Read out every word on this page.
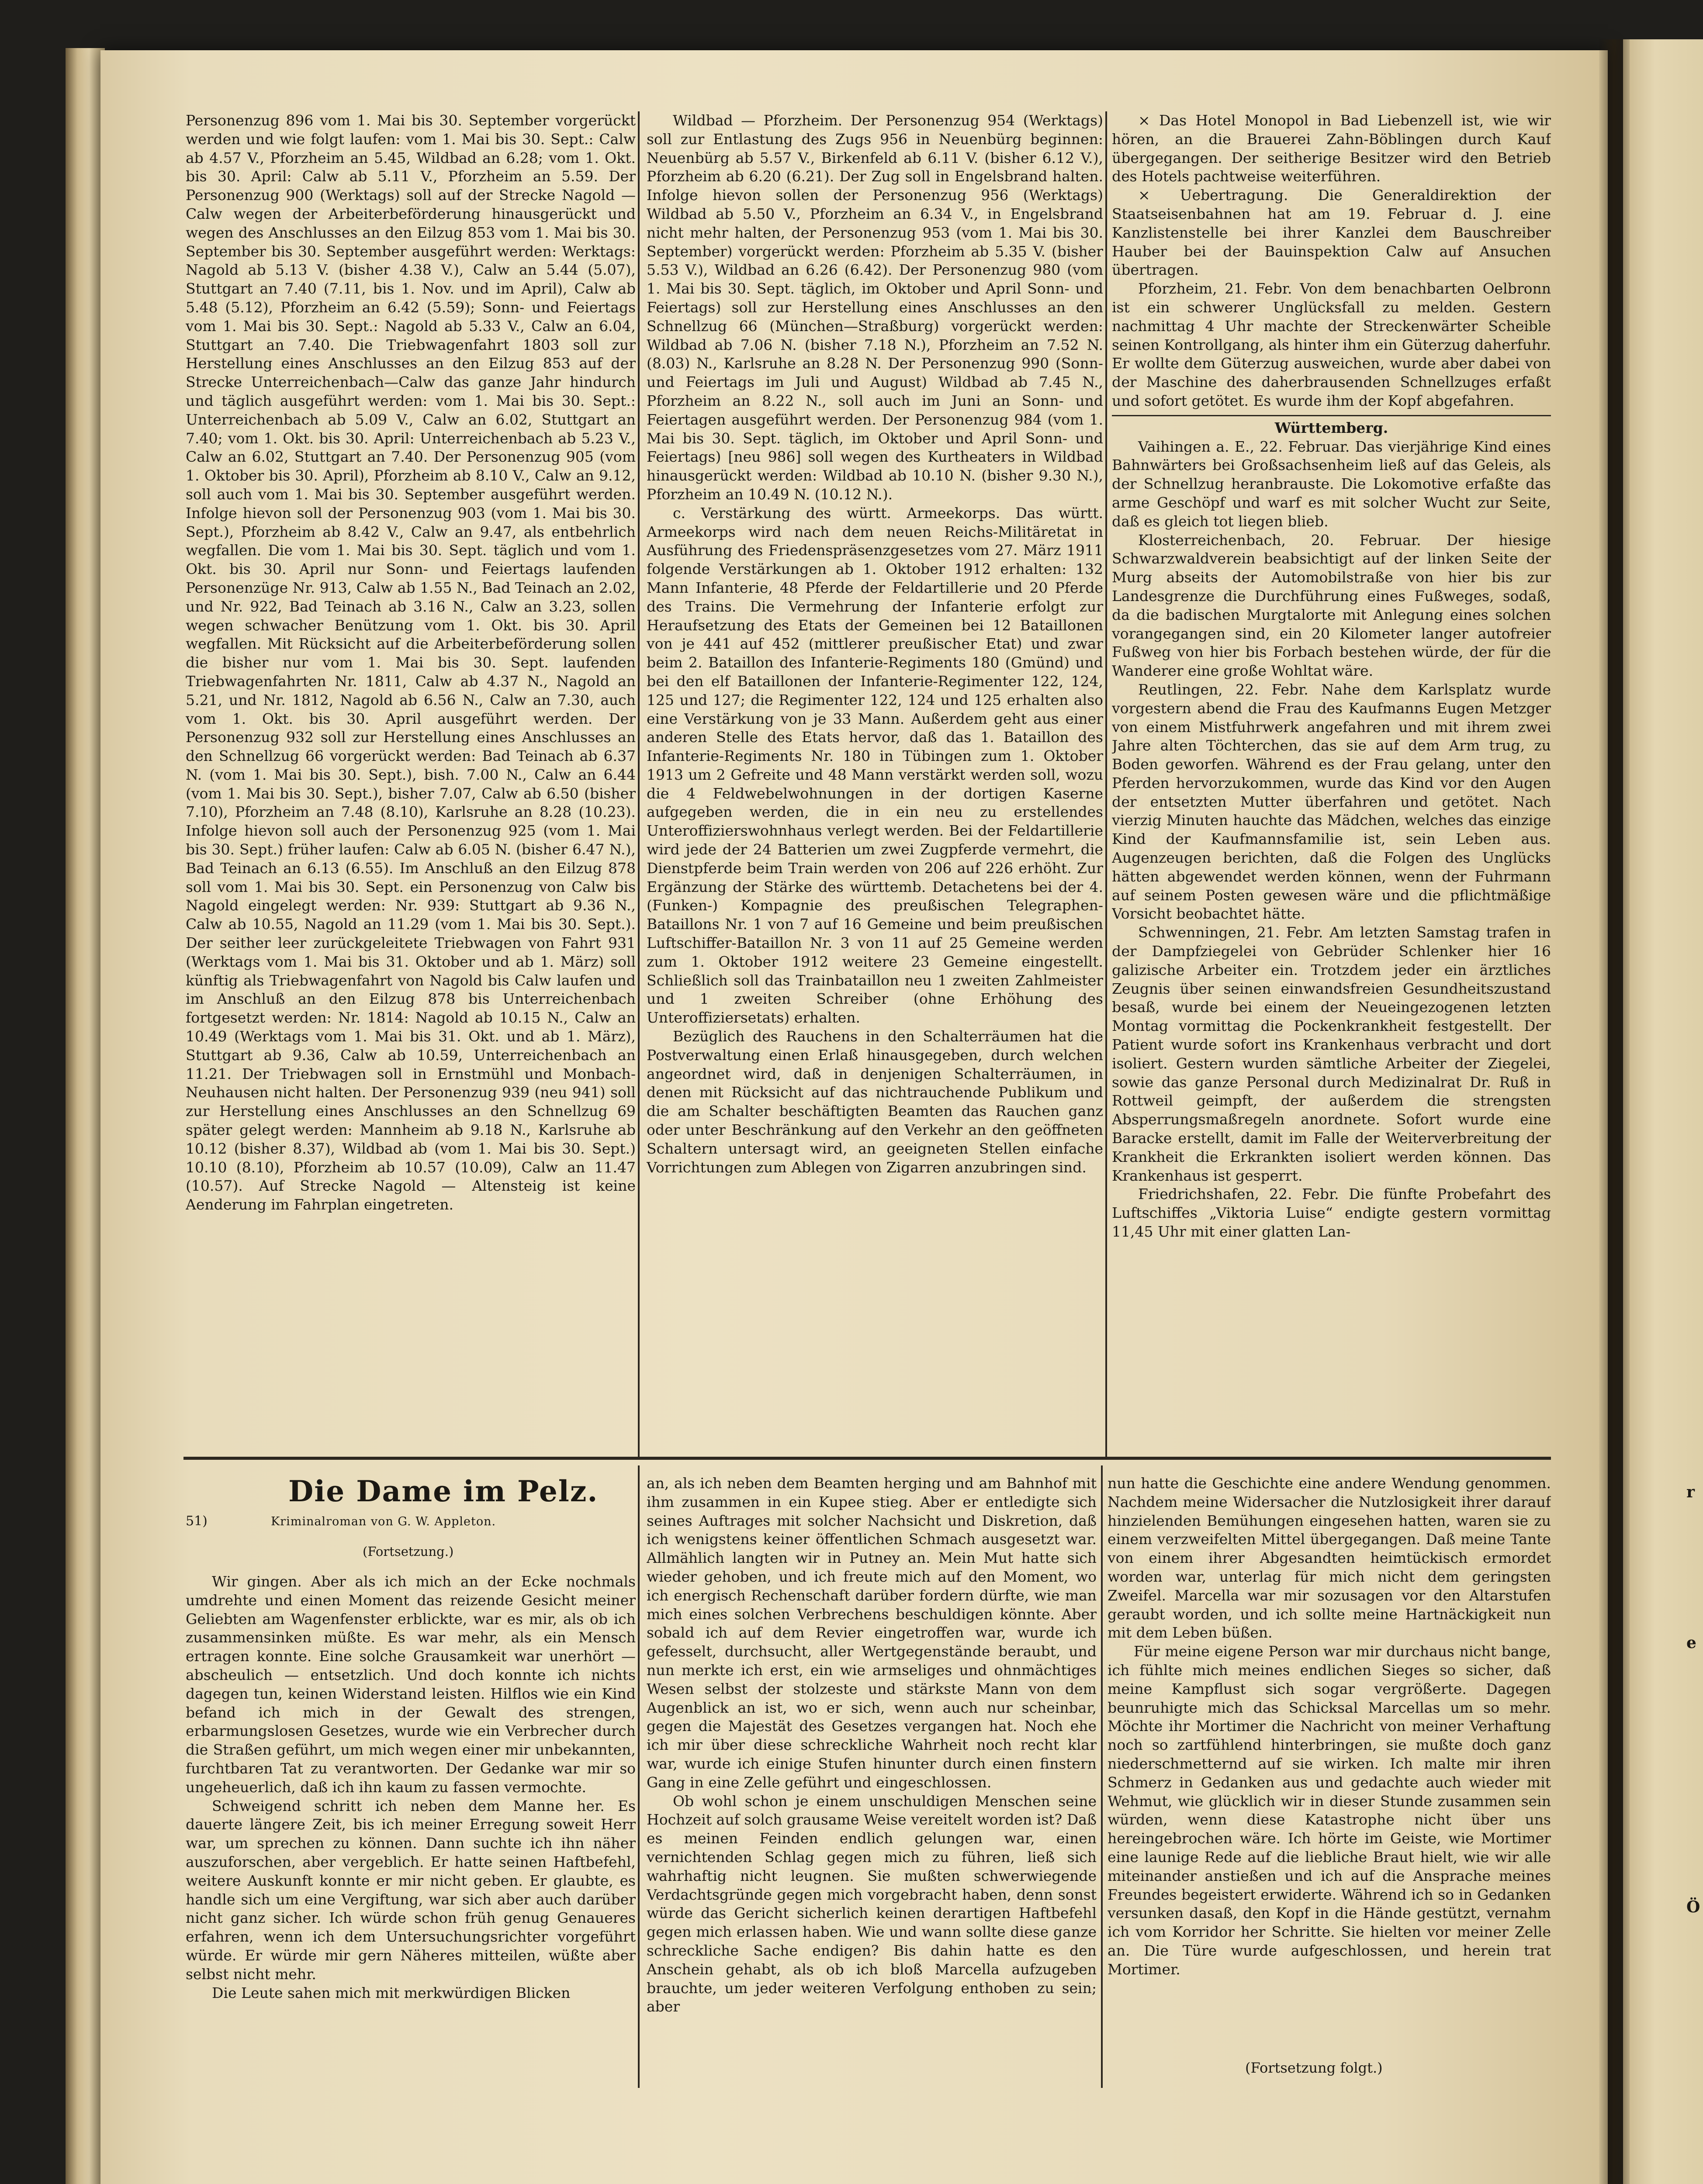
Personenzug 896 vom 1. Mai bis 30. September vorgerückt werden und wie folgt laufen: vom 1. Mai bis 30. Sept.: Calw ab 4.57 V., Pforzheim an 5.45, Wildbad an 6.28; vom 1. Okt. bis 30. April: Calw ab 5.11 V., Pforzheim an 5.59. Der Personenzug 900 (Werktags) soll auf der Strecke Nagold — Calw wegen der Arbeiterbeförderung hinausgerückt und wegen des Anschlusses an den Eilzug 853 vom 1. Mai bis 30. September bis 30. September ausgeführt werden: Werktags: Nagold ab 5.13 V. (bisher 4.38 V.), Calw an 5.44 (5.07), Stuttgart an 7.40 (7.11, bis 1. Nov. und im April), Calw ab 5.48 (5.12), Pforzheim an 6.42 (5.59); Sonn- und Feiertags vom 1. Mai bis 30. Sept.: Nagold ab 5.33 V., Calw an 6.04, Stuttgart an 7.40. Die Triebwagenfahrt 1803 soll zur Herstellung eines Anschlusses an den Eilzug 853 auf der Strecke Unterreichenbach—Calw das ganze Jahr hindurch und täglich ausgeführt werden: vom 1. Mai bis 30. Sept.: Unterreichenbach ab 5.09 V., Calw an 6.02, Stuttgart an 7.40; vom 1. Okt. bis 30. April: Unterreichenbach ab 5.23 V., Calw an 6.02, Stuttgart an 7.40. Der Personenzug 905 (vom 1. Oktober bis 30. April), Pforzheim ab 8.10 V., Calw an 9.12, soll auch vom 1. Mai bis 30. September ausgeführt werden. Infolge hievon soll der Personenzug 903 (vom 1. Mai bis 30. Sept.), Pforzheim ab 8.42 V., Calw an 9.47, als entbehrlich wegfallen. Die vom 1. Mai bis 30. Sept. täglich und vom 1. Okt. bis 30. April nur Sonn- und Feiertags laufenden Personenzüge Nr. 913, Calw ab 1.55 N., Bad Teinach an 2.02, und Nr. 922, Bad Teinach ab 3.16 N., Calw an 3.23, sollen wegen schwacher Benützung vom 1. Okt. bis 30. April wegfallen. Mit Rücksicht auf die Arbeiterbeförderung sollen die bisher nur vom 1. Mai bis 30. Sept. laufenden Triebwagenfahrten Nr. 1811, Calw ab 4.37 N., Nagold an 5.21, und Nr. 1812, Nagold ab 6.56 N., Calw an 7.30, auch vom 1. Okt. bis 30. April ausgeführt werden. Der Personenzug 932 soll zur Herstellung eines Anschlusses an den Schnellzug 66 vorgerückt werden: Bad Teinach ab 6.37 N. (vom 1. Mai bis 30. Sept.), bish. 7.00 N., Calw an 6.44 (vom 1. Mai bis 30. Sept.), bisher 7.07, Calw ab 6.50 (bisher 7.10), Pforzheim an 7.48 (8.10), Karlsruhe an 8.28 (10.23). Infolge hievon soll auch der Personenzug 925 (vom 1. Mai bis 30. Sept.) früher laufen: Calw ab 6.05 N. (bisher 6.47 N.), Bad Teinach an 6.13 (6.55). Im Anschluß an den Eilzug 878 soll vom 1. Mai bis 30. Sept. ein Personenzug von Calw bis Nagold eingelegt werden: Nr. 939: Stuttgart ab 9.36 N., Calw ab 10.55, Nagold an 11.29 (vom 1. Mai bis 30. Sept.). Der seither leer zurückgeleitete Triebwagen von Fahrt 931 (Werktags vom 1. Mai bis 31. Oktober und ab 1. März) soll künftig als Triebwagenfahrt von Nagold bis Calw laufen und im Anschluß an den Eilzug 878 bis Unterreichenbach fortgesetzt werden: Nr. 1814: Nagold ab 10.15 N., Calw an 10.49 (Werktags vom 1. Mai bis 31. Okt. und ab 1. März), Stuttgart ab 9.36, Calw ab 10.59, Unterreichenbach an 11.21. Der Triebwagen soll in Ernstmühl und Monbach-Neuhausen nicht halten. Der Personenzug 939 (neu 941) soll zur Herstellung eines Anschlusses an den Schnellzug 69 später gelegt werden: Mannheim ab 9.18 N., Karlsruhe ab 10.12 (bisher 8.37), Wildbad ab (vom 1. Mai bis 30. Sept.) 10.10 (8.10), Pforzheim ab 10.57 (10.09), Calw an 11.47 (10.57). Auf Strecke Nagold — Altensteig ist keine Aenderung im Fahrplan eingetreten.

Wildbad — Pforzheim. Der Personenzug 954 (Werktags) soll zur Entlastung des Zugs 956 in Neuenbürg beginnen: Neuenbürg ab 5.57 V., Birkenfeld ab 6.11 V. (bisher 6.12 V.), Pforzheim ab 6.20 (6.21). Der Zug soll in Engelsbrand halten. Infolge hievon sollen der Personenzug 956 (Werktags) Wildbad ab 5.50 V., Pforzheim an 6.34 V., in Engelsbrand nicht mehr halten, der Personenzug 953 (vom 1. Mai bis 30. September) vorgerückt werden: Pforzheim ab 5.35 V. (bisher 5.53 V.), Wildbad an 6.26 (6.42). Der Personenzug 980 (vom 1. Mai bis 30. Sept. täglich, im Oktober und April Sonn- und Feiertags) soll zur Herstellung eines Anschlusses an den Schnellzug 66 (München—Straßburg) vorgerückt werden: Wildbad ab 7.06 N. (bisher 7.18 N.), Pforzheim an 7.52 N. (8.03) N., Karlsruhe an 8.28 N. Der Personenzug 990 (Sonn- und Feiertags im Juli und August) Wildbad ab 7.45 N., Pforzheim an 8.22 N., soll auch im Juni an Sonn- und Feiertagen ausgeführt werden. Der Personenzug 984 (vom 1. Mai bis 30. Sept. täglich, im Oktober und April Sonn- und Feiertags) [neu 986] soll wegen des Kurtheaters in Wildbad hinausgerückt werden: Wildbad ab 10.10 N. (bisher 9.30 N.), Pforzheim an 10.49 N. (10.12 N.).

c. Verstärkung des württ. Armeekorps. Das württ. Armeekorps wird nach dem neuen Reichs-Militäretat in Ausführung des Friedenspräsenzgesetzes vom 27. März 1911 folgende Verstärkungen ab 1. Oktober 1912 erhalten: 132 Mann Infanterie, 48 Pferde der Feldartillerie und 20 Pferde des Trains. Die Vermehrung der Infanterie erfolgt zur Heraufsetzung des Etats der Gemeinen bei 12 Bataillonen von je 441 auf 452 (mittlerer preußischer Etat) und zwar beim 2. Bataillon des Infanterie-Regiments 180 (Gmünd) und bei den elf Bataillonen der Infanterie-Regimenter 122, 124, 125 und 127; die Regimenter 122, 124 und 125 erhalten also eine Verstärkung von je 33 Mann. Außerdem geht aus einer anderen Stelle des Etats hervor, daß das 1. Bataillon des Infanterie-Regiments Nr. 180 in Tübingen zum 1. Oktober 1913 um 2 Gefreite und 48 Mann verstärkt werden soll, wozu die 4 Feldwebelwohnungen in der dortigen Kaserne aufgegeben werden, die in ein neu zu erstellendes Unteroffizierswohnhaus verlegt werden. Bei der Feldartillerie wird jede der 24 Batterien um zwei Zugpferde vermehrt, die Dienstpferde beim Train werden von 206 auf 226 erhöht. Zur Ergänzung der Stärke des württemb. Detachetens bei der 4. (Funken-) Kompagnie des preußischen Telegraphen-Bataillons Nr. 1 von 7 auf 16 Gemeine und beim preußischen Luftschiffer-Bataillon Nr. 3 von 11 auf 25 Gemeine werden zum 1. Oktober 1912 weitere 23 Gemeine eingestellt. Schließlich soll das Trainbataillon neu 1 zweiten Zahlmeister und 1 zweiten Schreiber (ohne Erhöhung des Unteroffiziersetats) erhalten.

Bezüglich des Rauchens in den Schalterräumen hat die Postverwaltung einen Erlaß hinausgegeben, durch welchen angeordnet wird, daß in denjenigen Schalterräumen, in denen mit Rücksicht auf das nichtrauchende Publikum und die am Schalter beschäftigten Beamten das Rauchen ganz oder unter Beschränkung auf den Verkehr an den geöffneten Schaltern untersagt wird, an geeigneten Stellen einfache Vorrichtungen zum Ablegen von Zigarren anzubringen sind.

× Das Hotel Monopol in Bad Liebenzell ist, wie wir hören, an die Brauerei Zahn-Böblingen durch Kauf übergegangen. Der seitherige Besitzer wird den Betrieb des Hotels pachtweise weiterführen.

× Uebertragung. Die Generaldirektion der Staatseisenbahnen hat am 19. Februar d. J. eine Kanzlistenstelle bei ihrer Kanzlei dem Bauschreiber Hauber bei der Bauinspektion Calw auf Ansuchen übertragen.

Pforzheim, 21. Febr. Von dem benachbarten Oelbronn ist ein schwerer Unglücksfall zu melden. Gestern nachmittag 4 Uhr machte der Streckenwärter Scheible seinen Kontrollgang, als hinter ihm ein Güterzug daherfuhr. Er wollte dem Güterzug ausweichen, wurde aber dabei von der Maschine des daherbrausenden Schnellzuges erfaßt und sofort getötet. Es wurde ihm der Kopf abgefahren.

Württemberg.

Vaihingen a. E., 22. Februar. Das vierjährige Kind eines Bahnwärters bei Großsachsenheim ließ auf das Geleis, als der Schnellzug heranbrauste. Die Lokomotive erfaßte das arme Geschöpf und warf es mit solcher Wucht zur Seite, daß es gleich tot liegen blieb.

Klosterreichenbach, 20. Februar. Der hiesige Schwarzwaldverein beabsichtigt auf der linken Seite der Murg abseits der Automobilstraße von hier bis zur Landesgrenze die Durchführung eines Fußweges, sodaß, da die badischen Murgtalorte mit Anlegung eines solchen vorangegangen sind, ein 20 Kilometer langer autofreier Fußweg von hier bis Forbach bestehen würde, der für die Wanderer eine große Wohltat wäre.

Reutlingen, 22. Febr. Nahe dem Karlsplatz wurde vorgestern abend die Frau des Kaufmanns Eugen Metzger von einem Mistfuhrwerk angefahren und mit ihrem zwei Jahre alten Töchterchen, das sie auf dem Arm trug, zu Boden geworfen. Während es der Frau gelang, unter den Pferden hervorzukommen, wurde das Kind vor den Augen der entsetzten Mutter überfahren und getötet. Nach vierzig Minuten hauchte das Mädchen, welches das einzige Kind der Kaufmannsfamilie ist, sein Leben aus. Augenzeugen berichten, daß die Folgen des Unglücks hätten abgewendet werden können, wenn der Fuhrmann auf seinem Posten gewesen wäre und die pflichtmäßige Vorsicht beobachtet hätte.

Schwenningen, 21. Febr. Am letzten Samstag trafen in der Dampfziegelei von Gebrüder Schlenker hier 16 galizische Arbeiter ein. Trotzdem jeder ein ärztliches Zeugnis über seinen einwandsfreien Gesundheitszustand besaß, wurde bei einem der Neueingezogenen letzten Montag vormittag die Pockenkrankheit festgestellt. Der Patient wurde sofort ins Krankenhaus verbracht und dort isoliert. Gestern wurden sämtliche Arbeiter der Ziegelei, sowie das ganze Personal durch Medizinalrat Dr. Ruß in Rottweil geimpft, der außerdem die strengsten Absperrungsmaßregeln anordnete. Sofort wurde eine Baracke erstellt, damit im Falle der Weiterverbreitung der Krankheit die Erkrankten isoliert werden können. Das Krankenhaus ist gesperrt.

Friedrichshafen, 22. Febr. Die fünfte Probefahrt des Luftschiffes „Viktoria Luise“ endigte gestern vormittag 11,45 Uhr mit einer glatten Lan-

Die Dame im Pelz.
51)	Kriminalroman von G. W. Appleton.
(Fortsetzung.)

Wir gingen. Aber als ich mich an der Ecke nochmals umdrehte und einen Moment das reizende Gesicht meiner Geliebten am Wagenfenster erblickte, war es mir, als ob ich zusammensinken müßte. Es war mehr, als ein Mensch ertragen konnte. Eine solche Grausamkeit war unerhört — abscheulich — entsetzlich. Und doch konnte ich nichts dagegen tun, keinen Widerstand leisten. Hilflos wie ein Kind befand ich mich in der Gewalt des strengen, erbarmungslosen Gesetzes, wurde wie ein Verbrecher durch die Straßen geführt, um mich wegen einer mir unbekannten, furchtbaren Tat zu verantworten. Der Gedanke war mir so ungeheuerlich, daß ich ihn kaum zu fassen vermochte.

Schweigend schritt ich neben dem Manne her. Es dauerte längere Zeit, bis ich meiner Erregung soweit Herr war, um sprechen zu können. Dann suchte ich ihn näher auszuforschen, aber vergeblich. Er hatte seinen Haftbefehl, weitere Auskunft konnte er mir nicht geben. Er glaubte, es handle sich um eine Vergiftung, war sich aber auch darüber nicht ganz sicher. Ich würde schon früh genug Genaueres erfahren, wenn ich dem Untersuchungsrichter vorgeführt würde. Er würde mir gern Näheres mitteilen, wüßte aber selbst nicht mehr.

Die Leute sahen mich mit merkwürdigen Blicken

an, als ich neben dem Beamten herging und am Bahnhof mit ihm zusammen in ein Kupee stieg. Aber er entledigte sich seines Auftrages mit solcher Nachsicht und Diskretion, daß ich wenigstens keiner öffentlichen Schmach ausgesetzt war. Allmählich langten wir in Putney an. Mein Mut hatte sich wieder gehoben, und ich freute mich auf den Moment, wo ich energisch Rechenschaft darüber fordern dürfte, wie man mich eines solchen Verbrechens beschuldigen könnte. Aber sobald ich auf dem Revier eingetroffen war, wurde ich gefesselt, durchsucht, aller Wertgegenstände beraubt, und nun merkte ich erst, ein wie armseliges und ohnmächtiges Wesen selbst der stolzeste und stärkste Mann von dem Augenblick an ist, wo er sich, wenn auch nur scheinbar, gegen die Majestät des Gesetzes vergangen hat. Noch ehe ich mir über diese schreckliche Wahrheit noch recht klar war, wurde ich einige Stufen hinunter durch einen finstern Gang in eine Zelle geführt und eingeschlossen.

Ob wohl schon je einem unschuldigen Menschen seine Hochzeit auf solch grausame Weise vereitelt worden ist? Daß es meinen Feinden endlich gelungen war, einen vernichtenden Schlag gegen mich zu führen, ließ sich wahrhaftig nicht leugnen. Sie mußten schwerwiegende Verdachtsgründe gegen mich vorgebracht haben, denn sonst würde das Gericht sicherlich keinen derartigen Haftbefehl gegen mich erlassen haben. Wie und wann sollte diese ganze schreckliche Sache endigen? Bis dahin hatte es den Anschein gehabt, als ob ich bloß Marcella aufzugeben brauchte, um jeder weiteren Verfolgung enthoben zu sein; aber

nun hatte die Geschichte eine andere Wendung genommen. Nachdem meine Widersacher die Nutzlosigkeit ihrer darauf hinzielenden Bemühungen eingesehen hatten, waren sie zu einem verzweifelten Mittel übergegangen. Daß meine Tante von einem ihrer Abgesandten heimtückisch ermordet worden war, unterlag für mich nicht dem geringsten Zweifel. Marcella war mir sozusagen vor den Altarstufen geraubt worden, und ich sollte meine Hartnäckigkeit nun mit dem Leben büßen.

Für meine eigene Person war mir durchaus nicht bange, ich fühlte mich meines endlichen Sieges so sicher, daß meine Kampflust sich sogar vergrößerte. Dagegen beunruhigte mich das Schicksal Marcellas um so mehr. Möchte ihr Mortimer die Nachricht von meiner Verhaftung noch so zartfühlend hinterbringen, sie mußte doch ganz niederschmetternd auf sie wirken. Ich malte mir ihren Schmerz in Gedanken aus und gedachte auch wieder mit Wehmut, wie glücklich wir in dieser Stunde zusammen sein würden, wenn diese Katastrophe nicht über uns hereingebrochen wäre. Ich hörte im Geiste, wie Mortimer eine launige Rede auf die liebliche Braut hielt, wie wir alle miteinander anstießen und ich auf die Ansprache meines Freundes begeistert erwiderte. Während ich so in Gedanken versunken dasaß, den Kopf in die Hände gestützt, vernahm ich vom Korridor her Schritte. Sie hielten vor meiner Zelle an. Die Türe wurde aufgeschlossen, und herein trat Mortimer.

(Fortsetzung folgt.)
r
e
Ö
